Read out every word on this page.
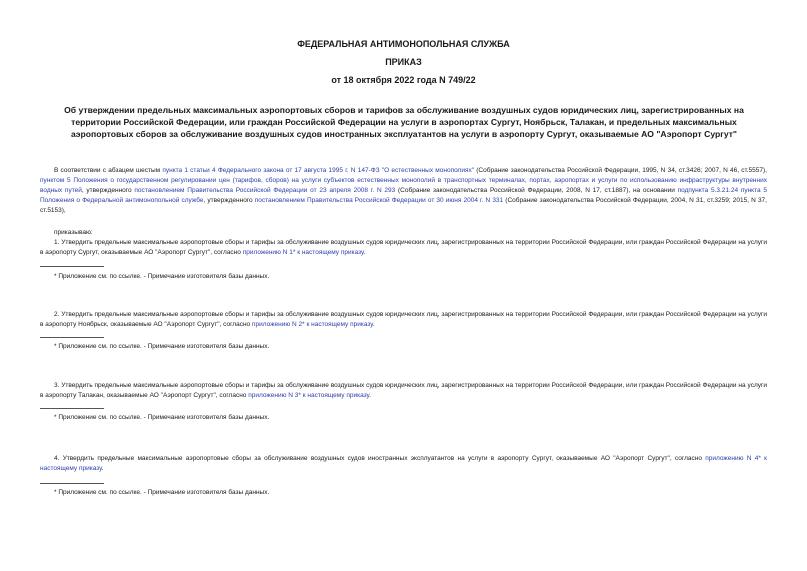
ФЕДЕРАЛЬНАЯ АНТИМОНОПОЛЬНАЯ СЛУЖБА
ПРИКАЗ
от 18 октября 2022 года N 749/22
Об утверждении предельных максимальных аэропортовых сборов и тарифов за обслуживание воздушных судов юридических лиц, зарегистрированных на территории Российской Федерации, или граждан Российской Федерации на услуги в аэропортах Сургут, Ноябрьск, Талакан, и предельных максимальных аэропортовых сборов за обслуживание воздушных судов иностранных эксплуатантов на услуги в аэропорту Сургут, оказываемые АО "Аэропорт Сургут"
В соответствии с абзацем шестым пункта 1 статьи 4 Федерального закона от 17 августа 1995 г. N 147-ФЗ "О естественных монополиях" (Собрание законодательства Российской Федерации, 1995, N 34, ст.3426; 2007, N 46, ст.5557), пунктом 5 Положения о государственном регулировании цен (тарифов, сборов) на услуги субъектов естественных монополий в транспортных терминалах, портах, аэропортах и услуги по использованию инфраструктуры внутренних водных путей, утвержденного постановлением Правительства Российской Федерации от 23 апреля 2008 г. N 293 (Собрание законодательства Российской Федерации, 2008, N 17, ст.1887), на основании подпункта 5.3.21.24 пункта 5 Положения о Федеральной антимонопольной службе, утвержденного постановлением Правительства Российской Федерации от 30 июня 2004 г. N 331 (Собрание законодательства Российской Федерации, 2004, N 31, ст.3259; 2015, N 37, ст.5153),
приказываю:
1. Утвердить предельные максимальные аэропортовые сборы и тарифы за обслуживание воздушных судов юридических лиц, зарегистрированных на территории Российской Федерации, или граждан Российской Федерации на услуги в аэропорту Сургут, оказываемые АО "Аэропорт Сургут", согласно приложению N 1* к настоящему приказу.
* Приложение см. по ссылке. - Примечание изготовителя базы данных.
2. Утвердить предельные максимальные аэропортовые сборы и тарифы за обслуживание воздушных судов юридических лиц, зарегистрированных на территории Российской Федерации, или граждан Российской Федерации на услуги в аэропорту Ноябрьск, оказываемые АО "Аэропорт Сургут", согласно приложению N 2* к настоящему приказу.
* Приложение см. по ссылке. - Примечание изготовителя базы данных.
3. Утвердить предельные максимальные аэропортовые сборы и тарифы за обслуживание воздушных судов юридических лиц, зарегистрированных на территории Российской Федерации, или граждан Российской Федерации на услуги в аэропорту Талакан, оказываемые АО "Аэропорт Сургут", согласно приложению N 3* к настоящему приказу.
* Приложение см. по ссылке. - Примечание изготовителя базы данных.
4. Утвердить предельные максимальные аэропортовые сборы за обслуживание воздушных судов иностранных эксплуатантов на услуги в аэропорту Сургут, оказываемые АО "Аэропорт Сургут", согласно приложению N 4* к настоящему приказу.
* Приложение см. по ссылке. - Примечание изготовителя базы данных.
